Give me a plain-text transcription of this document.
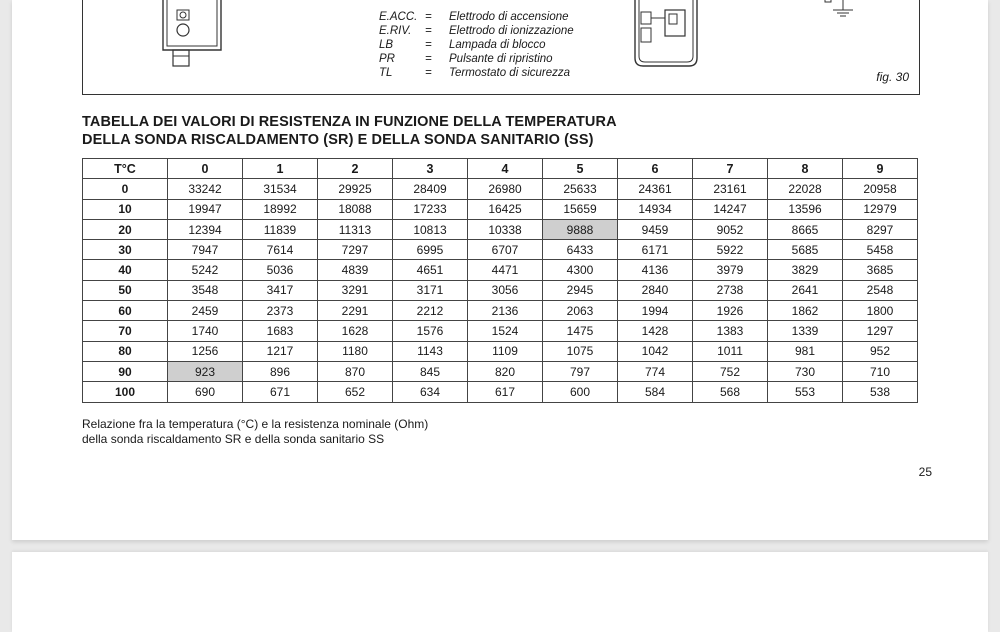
E.ACC. =	Elettrodo di accensione
E.RIV.	=	Elettrodo di ionizzazione
LB	=	Lampada di blocco
PR	=	Pulsante di ripristino
TL	=	Termostato di sicurezza	fig. 30
TABELLA DEI VALORI DI RESISTENZA IN FUNZIONE DELLA TEMPERATURA
DELLA SONDA RISCALDAMENTO (SR) E DELLA SONDA SANITARIO (SS)
T°C	0	1	2	3	4	5	6	7	8	9
0	33242	31534	29925	28409	26980	25633	24361	23161	22028	20958
10	19947	18992	18088	17233	16425	15659	14934	14247	13596	12979
20	12394	11839	11313	10813	10338	9888	9459	9052	8665	8297
30	7947	7614	7297	6995	6707	6433	6171	5922	5685	5458
40	5242	5036	4839	4651	4471	4300	4136	3979	3829	3685
50	3548	3417	3291	3171	3056	2945	2840	2738	2641	2548
60	2459	2373	2291	2212	2136	2063	1994	1926	1862	1800
70	1740	1683	1628	1576	1524	1475	1428	1383	1339	1297
80	1256	1217	1180	1143	1109	1075	1042	1011	981	952
90	923	896	870	845	820	797	774	752	730	710
100	690	671	652	634	617	600	584	568	553	538
Relazione fra la temperatura (°C) e la resistenza nominale (Ohm)
della sonda riscaldamento SR e della sonda sanitario SS
25
